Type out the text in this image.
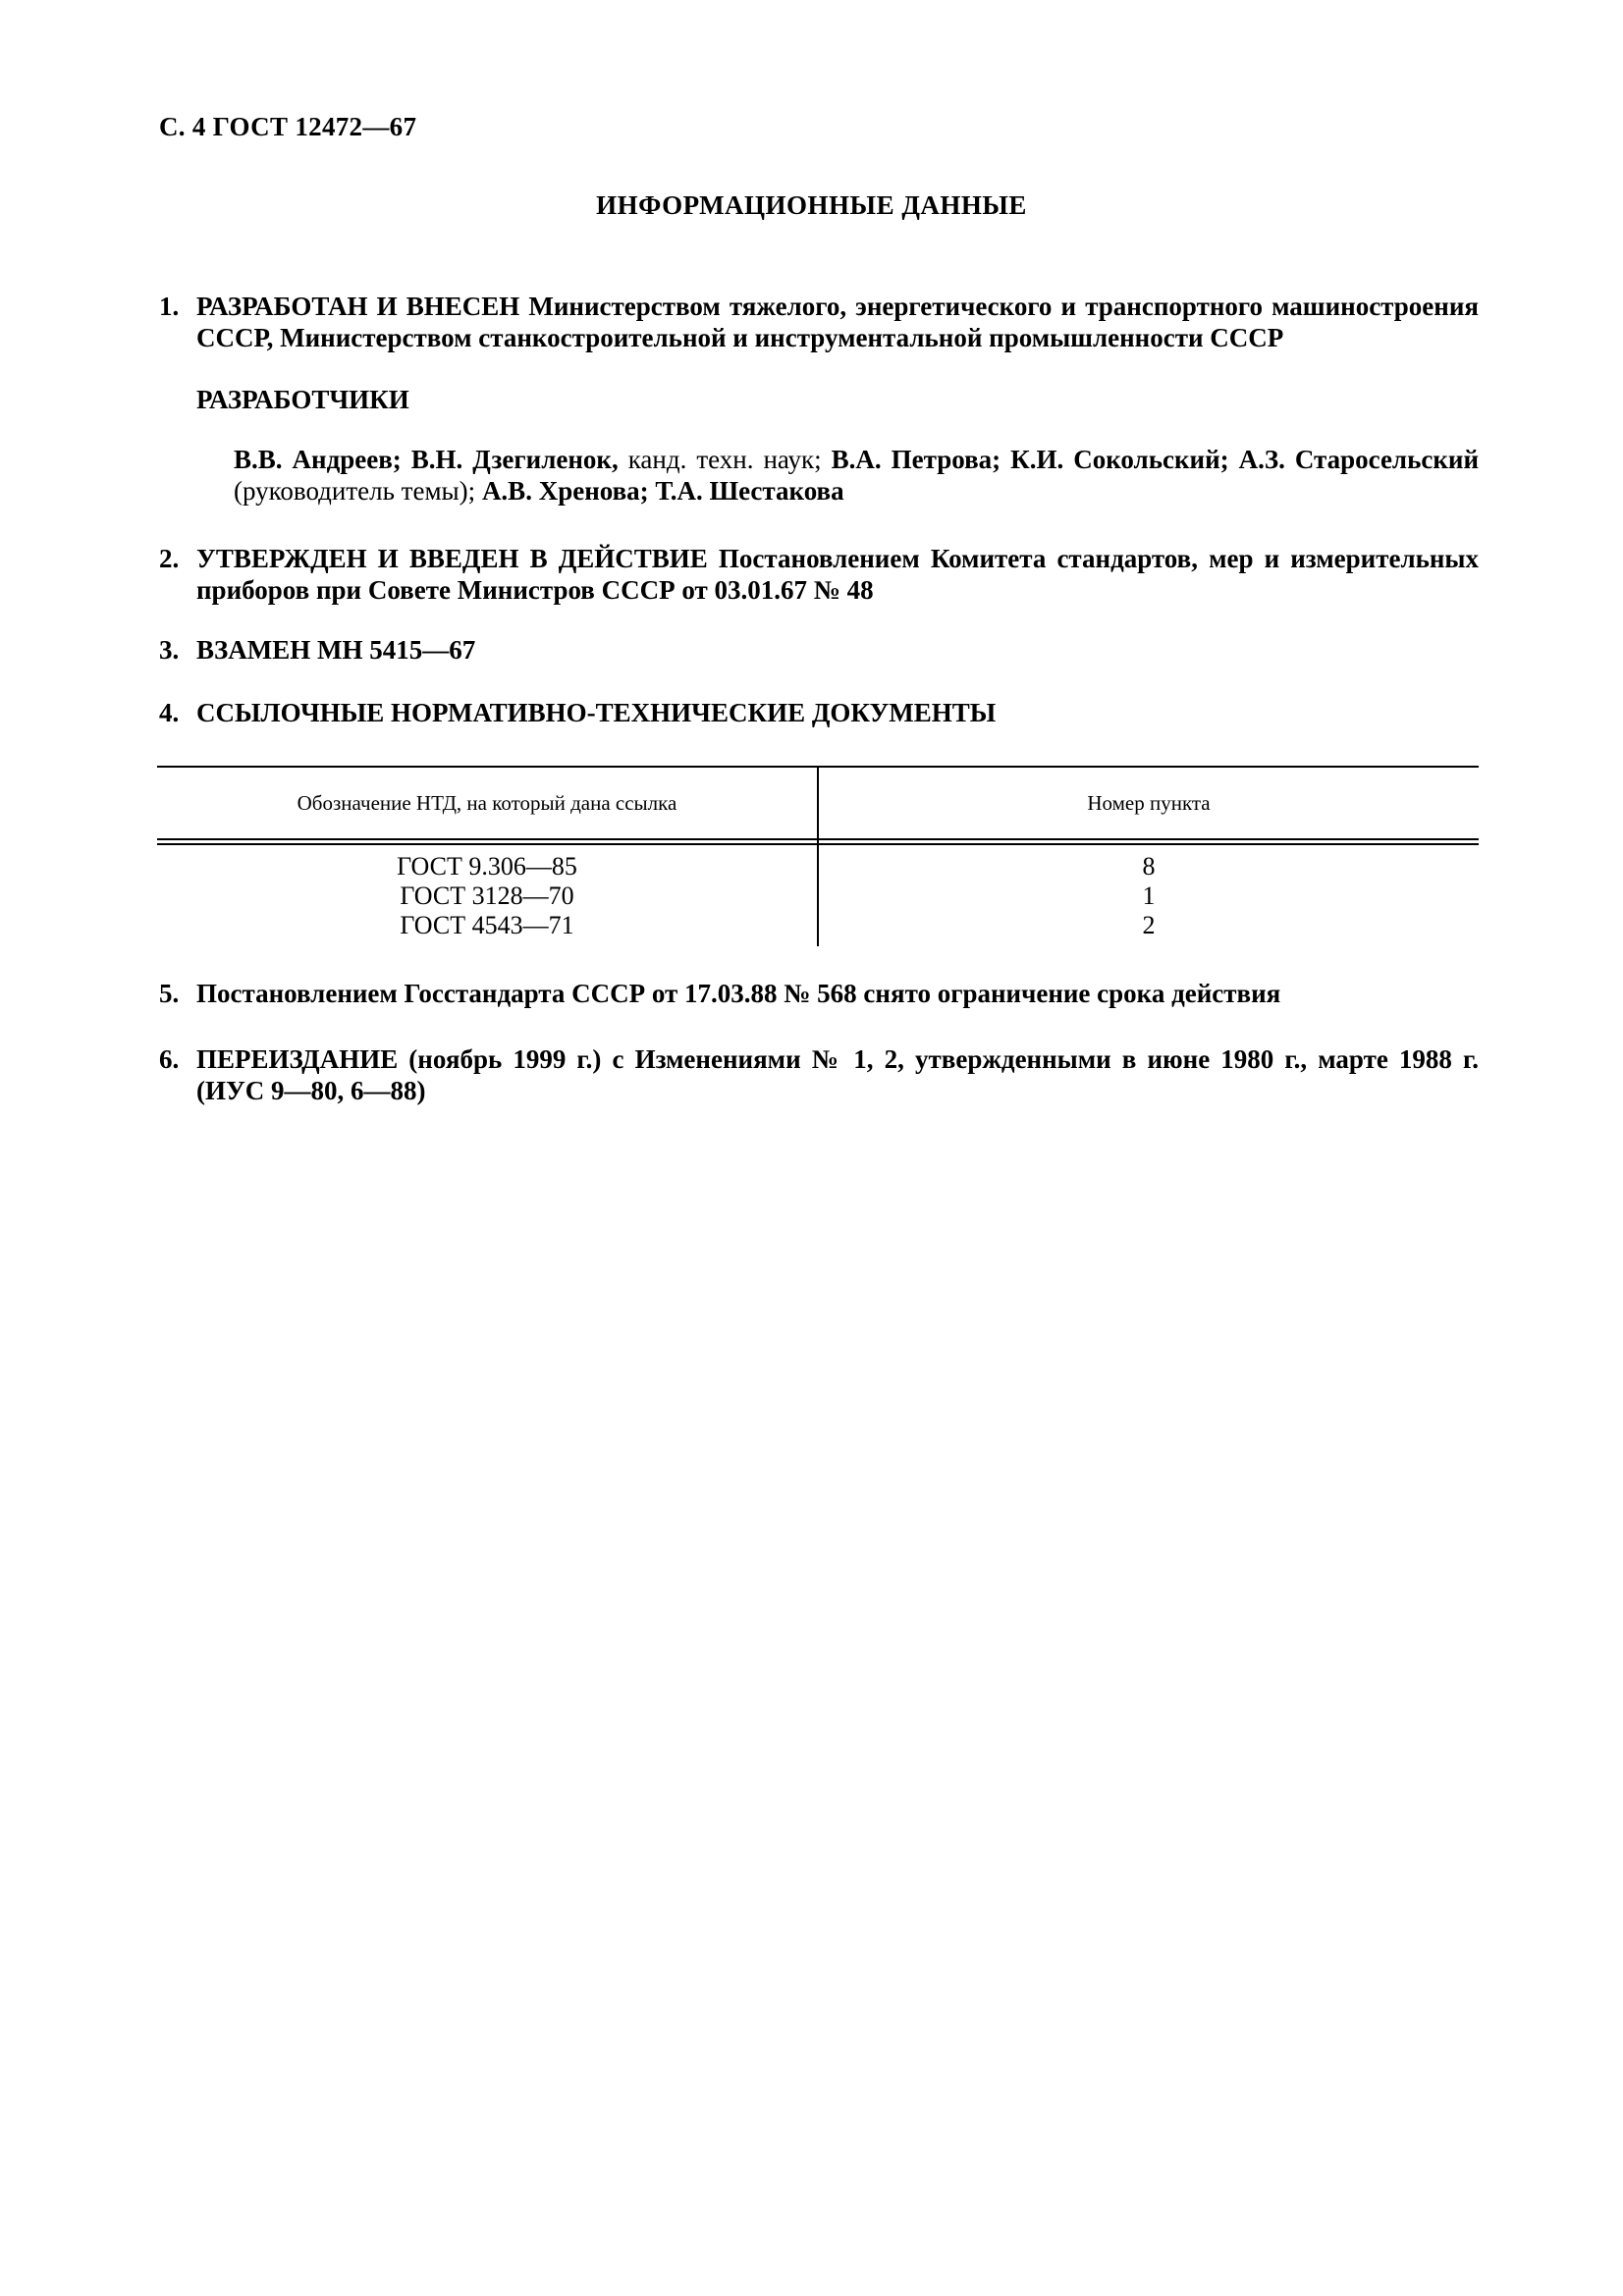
С. 4 ГОСТ 12472—67
ИНФОРМАЦИОННЫЕ ДАННЫЕ
1. РАЗРАБОТАН И ВНЕСЕН Министерством тяжелого, энергетического и транспортного машиностроения СССР, Министерством станкостроительной и инструментальной промышленности СССР
РАЗРАБОТЧИКИ
В.В. Андреев; В.Н. Дзегиленок, канд. техн. наук; В.А. Петрова; К.И. Сокольский; А.З. Старосельский (руководитель темы); А.В. Хренова; Т.А. Шестакова
2. УТВЕРЖДЕН И ВВЕДЕН В ДЕЙСТВИЕ Постановлением Комитета стандартов, мер и измерительных приборов при Совете Министров СССР от 03.01.67 № 48
3. ВЗАМЕН МН 5415—67
4. ССЫЛОЧНЫЕ НОРМАТИВНО-ТЕХНИЧЕСКИЕ ДОКУМЕНТЫ
Обозначение НТД, на который дана ссылка	Номер пункта
ГОСТ 9.306—85
ГОСТ 3128—70
ГОСТ 4543—71
8
1
2
5. Постановлением Госстандарта СССР от 17.03.88 № 568 снято ограничение срока действия
6. ПЕРЕИЗДАНИЕ (ноябрь 1999 г.) с Изменениями № 1, 2, утвержденными в июне 1980 г., марте 1988 г. (ИУС 9—80, 6—88)
